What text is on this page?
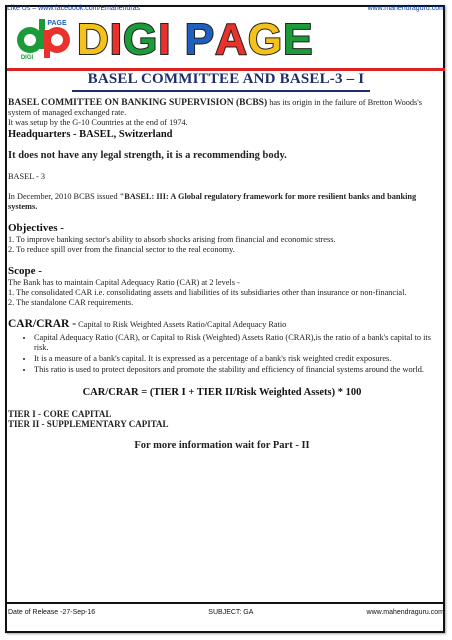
Like Us – www.facebook.com/Emahendras	www.mahendraguru.com
PAGE
DIGI DIGI PAGE
BASEL COMMITTEE AND BASEL-3 – I

BASEL COMMITTEE ON BANKING SUPERVISION (BCBS) has its origin in the failure of Bretton Woods's system of managed exchanged rate.

It was setup by the G-10 Countries at the end of 1974.

Headquarters - BASEL, Switzerland

It does not have any legal strength, it is a recommending body.

BASEL - 3

In December, 2010 BCBS issued "BASEL: III: A Global regulatory framework for more resilient banks and banking systems.

Objectives -

1. To improve banking sector's ability to absorb shocks arising from financial and economic stress.

2. To reduce spill over from the financial sector to the real economy.

Scope -

The Bank has to maintain Capital Adequacy Ratio (CAR) at 2 levels -

1. The consolidated CAR i.e. consolidating assets and liabilities of its subsidiaries other than insurance or non-financial.

2. The standalone CAR requirements.

CAR/CRAR - Capital to Risk Weighted Assets Ratio/Capital Adequacy Ratio

• Capital Adequacy Ratio (CAR), or Capital to Risk (Weighted) Assets Ratio (CRAR),is the ratio of a bank's capital to its risk.
• It is a measure of a bank's capital. It is expressed as a percentage of a bank's risk weighted credit exposures.
• This ratio is used to protect depositors and promote the stability and efficiency of financial systems around the world.

CAR/CRAR = (TIER I + TIER II/Risk Weighted Assets) * 100

TIER I - CORE CAPITAL

TIER II - SUPPLEMENTARY CAPITAL

For more information wait for Part - II

Date of Release -27-Sep-16	SUBJECT: GA	www.mahendraguru.com
